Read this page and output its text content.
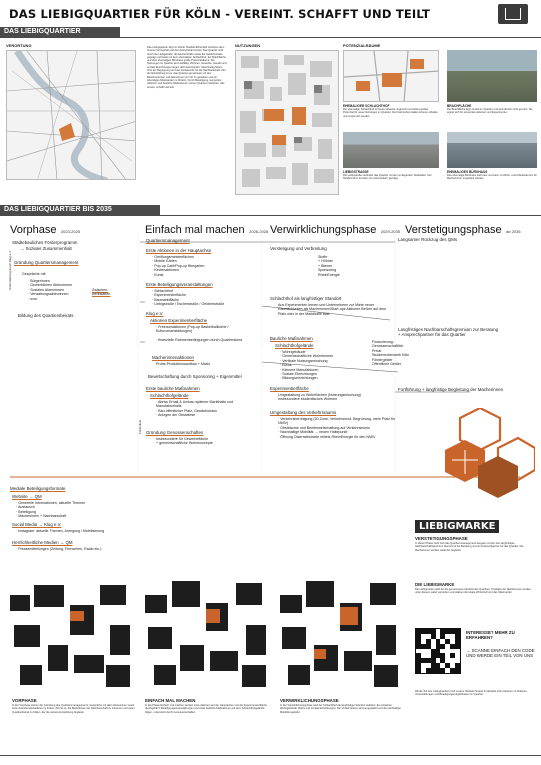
DAS LIEBIGQUARTIER FÜR KÖLN - VEREINT. SCHAFFT UND TEILT
DAS LIEBIGQUARTIER
VERORTUNG	Das Liebigquartier liegt im Kölner Stadtteil Ehrenfeld zwischen dem Inneren Grüngürtel und dem Ehrenfelder Gürtel. Das Quartier wird durch die Liebigstraße, die Escherstraße sowie die Geldernstraße geprägt und bietet mit dem ehemaligen Schlachthof, der Brachfläche und dem ehemaligen Bürohaus große Potenzialräume. Die Nutzungen im Quartier sind vielfältig: Wohnen, Gewerbe, Handel und soziale Einrichtungen liegen dicht beieinander. Gleichzeitig fehlen Orte der Begegnung und des Austauschs für die Nachbarschaft. Ziel der Entwicklung ist es, das Quartier gemeinsam mit den Bewohnerinnen und Akteurinnen vor Ort zu gestalten und ein lebendiges Miteinander zu fördern. Durch Beteiligung, temporäre Aktionen und bauliche Maßnahmen soll ein Quartier entstehen, das vereint, schafft und teilt.
NUTZUNGEN	POTENZIALRÄUME
EHEMALIGER SCHLACHTHOF
Der ehemalige Schlachthof ist heute teilweise ungenutzt und bietet großes Potenzial für neue Nutzungen im Quartier. Die historischen Hallen können erhalten und umgenutzt werden.
BRACHFLÄCHE
Die Brachfläche liegt zentral im Quartier und wird derzeit nicht genutzt. Sie eignet sich für temporäre Aktionen und Experimente.
LIEBIGSTRASSE
Die Liebigstraße verbindet das Quartier mit den umliegenden Stadtteilen. Der Straßenraum ist stark vom Autoverkehr geprägt.
EHEMALIGES BÜROHAUS
Das ehemalige Bürohaus steht leer und kann zu Wohn- und Arbeitsräumen für Macherinnen umgebaut werden.
DAS LIEBIGQUARTIER BIS 2035
Vorphase 2023-2025	Einfach mal machen 2026-2028 Verwirklichungsphase 2029-2035 Verstetigungsphase ab 2036
Städtebauliches Förderprogramm
→ Sozialer Zusammenhalt
Gründung Quartiersmanagement
Gespräche mit:
· Bürgerinnen
· Gewerblichen Akteurinnen
· Sozialen Akteurinnen
· Verwaltungsakteurinnen
· uvm.
Zwischen-werkstätten
Bildung des Quartiersbeirats
Unterstützung durch Klug e.V.
Quartiersmanagement
Erste Aktionen in der Hauptachse
· Greiflungsmeisterflächen
· Mobile Gärten
· Pop-up Café/Pop-up Biergarten
· Kindenaktionen
· Kunst
Erste Beteiligungsveranstaltungen
· Schlachthof
· Experimentierfläche
· Baumarktfläche
· Liebigstraße / Escherstraße / Geldernstraße
Klug e.V.
Aktionen Experimentierfläche
· Freiraumaktionen (Pop-up Basketballkörbe / Kulturveranstaltungen)
· finanzielle Rahmenbedingungen durch Quartiersfond
Macherinnenaktionen
Probe-Produktionsaufbau + Markt
Bewirtschaftung durch Sponsoring + Eigenmittel
Erste bauliche Maßnahmen
Schlachthofgelände
· Abriss Erhalt & Umbau späterer Markthalle und Manufakturhalle
· Bau öffentlicher Platz, Gewächshaus
· Anlegen der Obstwiese
Gründung Genossenschaften
Insbesondere für Gewerbefläche
+ gemeinschaftliche Wohnkonzepte
Förderlinie
Verstetigung und Verbreitung
Stoffe
+ Hühner
+ Bienen
Sponsoring
RheinEnergie
Schlachthof als langfristiger Standort
Aus Experimenten lernen und Unternehmen zur Miete neuer Räumlichkeiten als Macherinnen/Start-ups Aktionen fließen auf dem Platz oder in der Markthalle statt
Bauliche Maßnahmen
Schlachthofgelände
· Wohngebäude
· Gemeinschaftliche Wohnformen
· Vertikale Nutzungsmischung
· Büros
· Kleinere Manufakturen
· Soziale Einrichtungen
· Bildungseinrichtungen
Finanzierung:
Genossenschaftlich
Privat
Studierendenwerk Köln
Fördergelder
Öffentliche Gelder
Experimentierfläche
Umgestaltung zu Wohnflächen (Nutzungsmischung)
Insbesondere studentisches Wohnen
Umgestaltung des Verkehrsraums
· Verkehrsberuhigung (30-Zone, Verkehrsmod. Begrünung, mehr Platz für NMIV)
· Obstbäume und Beetbewirtschaftung auf Verkehrsinseln
· Nachhaltige Mobilität → neuen Haltepunkt
· Öffnung Osterrathstraße mittels RheinEnergie für den NMIV
Langsamer Rückzug des QMs
Langfristiges Nachbarschaftsgremium zur Beratung
+ Ansprechpartner für das Quartier
Fortführung + langfristige Begleitung der Macherinnen
LIEBIGMARKE
Mediale Beteiligungsformate
Website → QM
· Generelle Informationen, aktuelle Themen
· Austausch
· Beteiligung
· Macherinnen + Nachbarschaft
Social Media → Klug e.V.
· Instagram: aktuelle Themen, Anregung / Mobilisierung
Herrlichkeitliche Medien → QM
· Pressemitteilungen (Zeitung, Fernsehen, Radio etc.)
VORPHASE	EINFACH MAL MACHEN	VERWIRKLICHUNGSPHASE
In der Vorphase stehen die Gründung des Quartiersmanagements, Gespräche mit allen Akteurinnen sowie erste Zwischenwerkstätten im Fokus. Ziel ist es, die Bedürfnisse der Nachbarschaft zu erkennen und einen Quartiersbeirat zu bilden, der die weitere Entwicklung begleitet.
In der Phase Einfach mal machen werden erste Aktionen auf der Hauptachse und der Experimentierfläche durchgeführt. Beteiligungsveranstaltungen und erste bauliche Maßnahmen auf dem Schlachthofgelände folgen, unterstützt durch Genossenschaften.
In der Verwirklichungsphase wird der Schlachthof als langfristiger Standort etabliert. Es entstehen Wohngebäude, Büros und soziale Einrichtungen. Der Verkehrsraum wird umgestaltet und die nachhaltige Mobilität gestärkt.
VERSTETIGUNGSPHASE
In dieser Phase zieht sich das Quartiersmanagement langsam zurück. Ein langfristiges Nachbarschaftsgremium übernimmt die Beratung und ist Ansprechpartner für das Quartier. Die Macherinnen werden weiterhin begleitet.
DIE LIEBIGMARKE
Die Liebigmarke steht für die gemeinsame Identität des Quartiers. Produkte der Macherinnen werden unter diesem Label vertrieben und stärken die lokale Wirtschaft und das Miteinander.
INTERESSE? MEHR ZU ERFAHREN?
→ SCANNE EINFACH DEN CODE UND WERDE EIN TEIL VON UNS
Werde Teil des Liebigquartiers! Auf unserer Website findest du aktuelle Informationen zu Aktionen, Veranstaltungen und Beteiligungsmöglichkeiten im Quartier.
